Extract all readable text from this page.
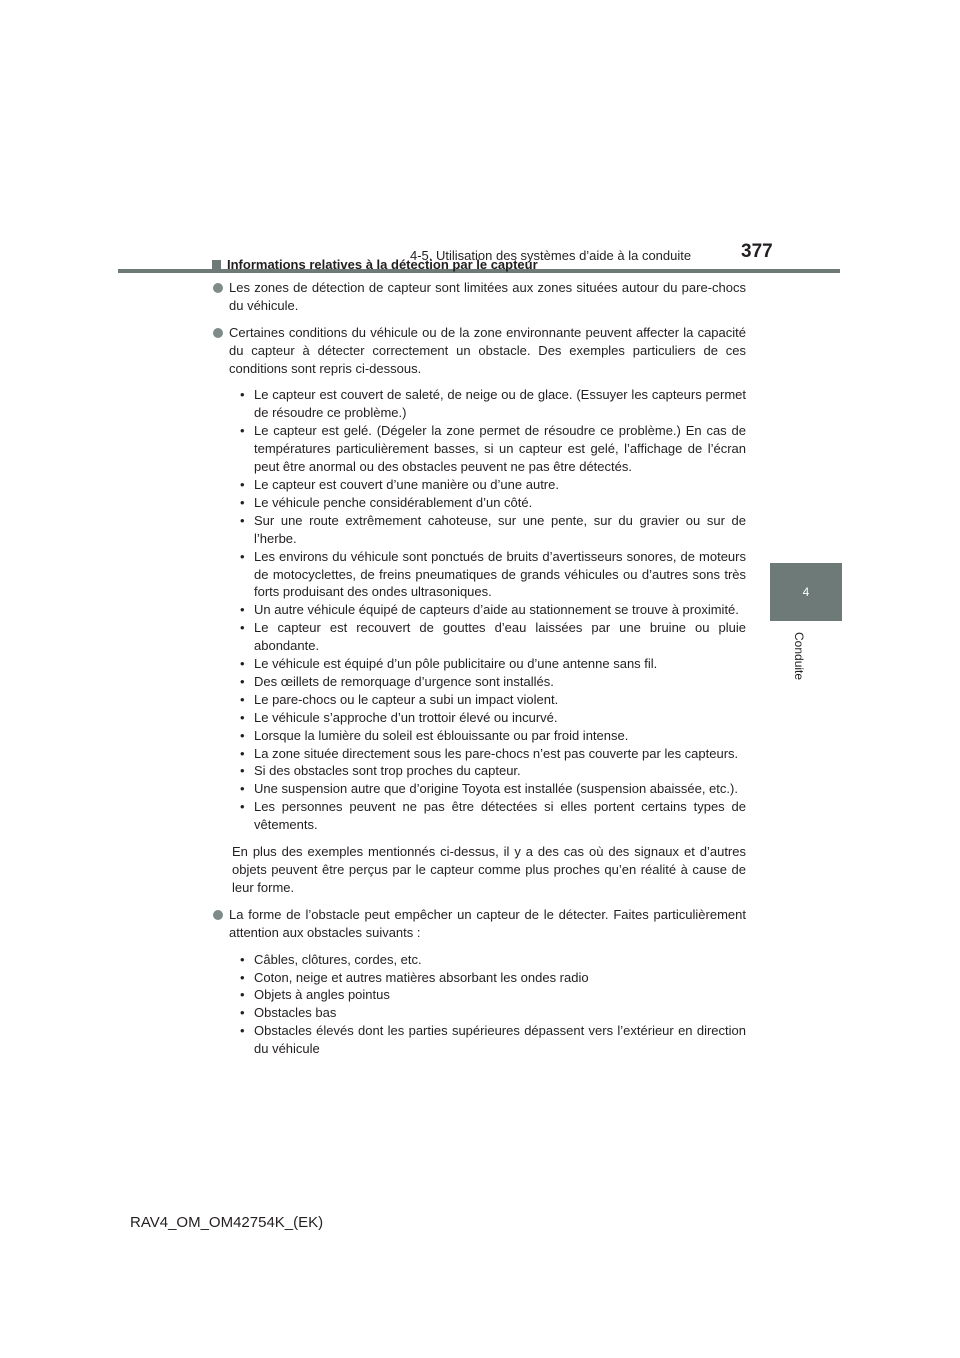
4-5. Utilisation des systèmes d’aide à la conduite	377
4
Conduite
Informations relatives à la détection par le capteur
Les zones de détection de capteur sont limitées aux zones situées autour du pare-chocs du véhicule.
Certaines conditions du véhicule ou de la zone environnante peuvent affecter la capacité du capteur à détecter correctement un obstacle. Des exemples particuliers de ces conditions sont repris ci-dessous.
• Le capteur est couvert de saleté, de neige ou de glace. (Essuyer les capteurs permet de résoudre ce problème.)
• Le capteur est gelé. (Dégeler la zone permet de résoudre ce problème.) En cas de températures particulièrement basses, si un capteur est gelé, l’affichage de l’écran peut être anormal ou des obstacles peuvent ne pas être détectés.
• Le capteur est couvert d’une manière ou d’une autre.
• Le véhicule penche considérablement d’un côté.
• Sur une route extrêmement cahoteuse, sur une pente, sur du gravier ou sur de l’herbe.
• Les environs du véhicule sont ponctués de bruits d’avertisseurs sonores, de moteurs de motocyclettes, de freins pneumatiques de grands véhicules ou d’autres sons très forts produisant des ondes ultrasoniques.
• Un autre véhicule équipé de capteurs d’aide au stationnement se trouve à proximité.
• Le capteur est recouvert de gouttes d’eau laissées par une bruine ou pluie abondante.
• Le véhicule est équipé d’un pôle publicitaire ou d’une antenne sans fil.
• Des œillets de remorquage d’urgence sont installés.
• Le pare-chocs ou le capteur a subi un impact violent.
• Le véhicule s’approche d’un trottoir élevé ou incurvé.
• Lorsque la lumière du soleil est éblouissante ou par froid intense.
• La zone située directement sous les pare-chocs n’est pas couverte par les capteurs.
• Si des obstacles sont trop proches du capteur.
• Une suspension autre que d’origine Toyota est installée (suspension abaissée, etc.).
• Les personnes peuvent ne pas être détectées si elles portent certains types de vêtements.

En plus des exemples mentionnés ci-dessus, il y a des cas où des signaux et d’autres objets peuvent être perçus par le capteur comme plus proches qu’en réalité à cause de leur forme.

La forme de l’obstacle peut empêcher un capteur de le détecter. Faites particulièrement attention aux obstacles suivants :
• Câbles, clôtures, cordes, etc.
• Coton, neige et autres matières absorbant les ondes radio
• Objets à angles pointus
• Obstacles bas
• Obstacles élevés dont les parties supérieures dépassent vers l’extérieur en direction du véhicule
RAV4_OM_OM42754K_(EK)
